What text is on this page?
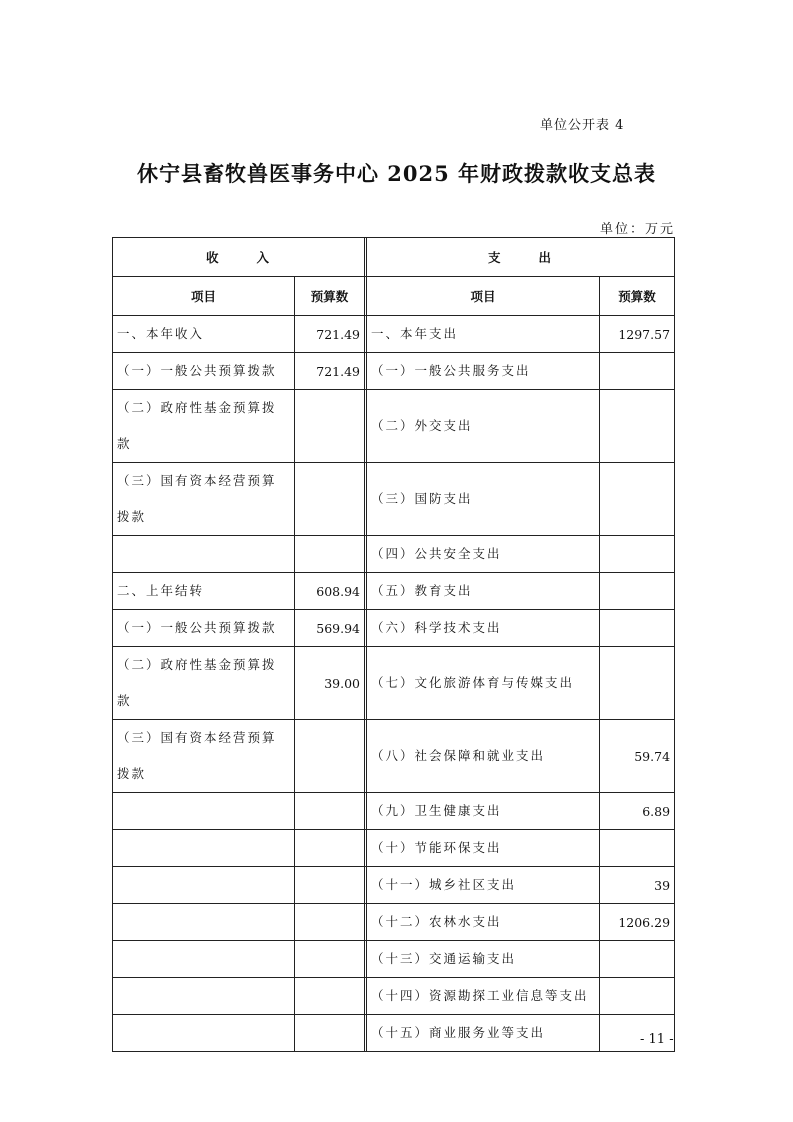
单位公开表 4
休宁县畜牧兽医事务中心 2025 年财政拨款收支总表
单位：万元
收入			支出	
项目	预算数		项目	预算数
一、本年收入	721.49		一、本年支出	1297.57
（一）一般公共预算拨款	721.49		（一）一般公共服务支出	
（二）政府性基金预算拨款			（二）外交支出	
（三）国有资本经营预算拨款			（三）国防支出	
			（四）公共安全支出	
二、上年结转	608.94		（五）教育支出	
（一）一般公共预算拨款	569.94		（六）科学技术支出	
（二）政府性基金预算拨款	39.00		（七）文化旅游体育与传媒支出	
（三）国有资本经营预算拨款			（八）社会保障和就业支出	59.74
			（九）卫生健康支出	6.89
			（十）节能环保支出	
			（十一）城乡社区支出	39
			（十二）农林水支出	1206.29
			（十三）交通运输支出	
			（十四）资源勘探工业信息等支出	
			（十五）商业服务业等支出		- 11 -
